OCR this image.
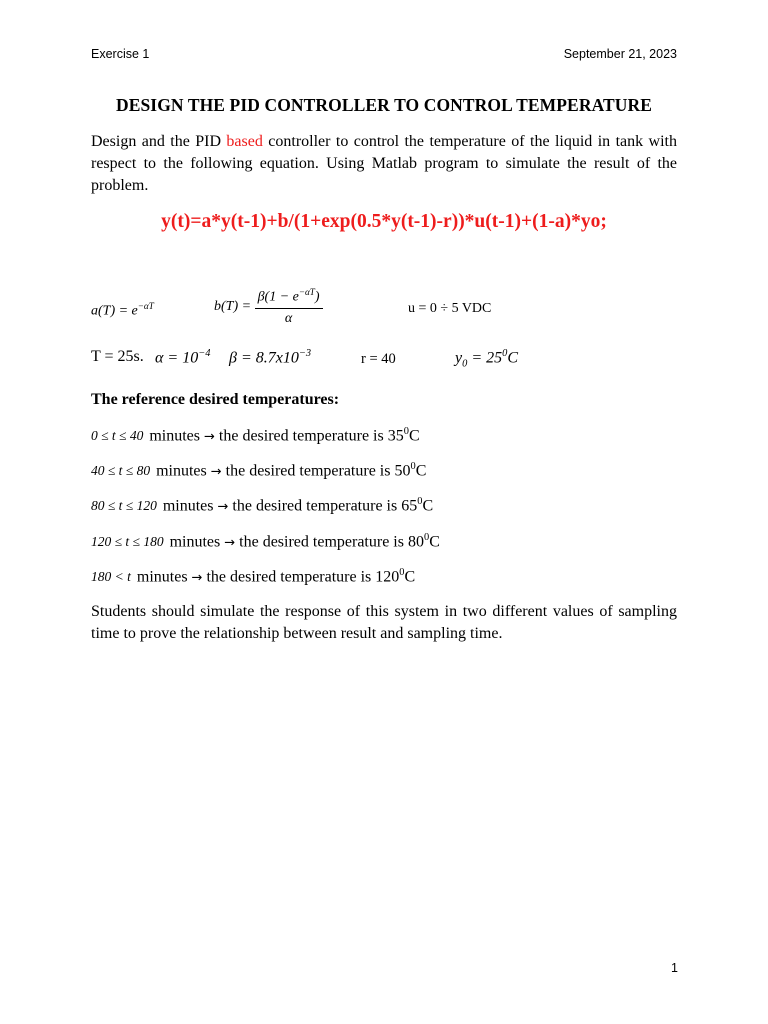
Exercise 1	September 21, 2023
DESIGN THE PID CONTROLLER TO CONTROL TEMPERATURE
Design and the PID based controller to control the temperature of the liquid in tank with respect to the following equation. Using Matlab program to simulate the result of the problem.
y(t)=a*y(t-1)+b/(1+exp(0.5*y(t-1)-r))*u(t-1)+(1-a)*yo;
$a(T) = e^{-\alpha T}$	$b(T) = \frac{\beta(1 - e^{-\alpha T})}{\alpha}$	u = 0 ÷ 5 VDC
T = 25s. $\alpha = 10^{-4}$ $\beta = 8.7x10^{-3}$	r = 40	$y_0 = 25^0C$
The reference desired temperatures:
0 ≤ t ≤ 40 minutes → the desired temperature is $35^0C$
40 ≤ t ≤ 80 minutes → the desired temperature is $50^0C$
80 ≤ t ≤ 120 minutes → the desired temperature is $65^0C$
120 ≤ t ≤ 180 minutes → the desired temperature is $80^0C$
180 < t minutes → the desired temperature is $120^0C$
Students should simulate the response of this system in two different values of sampling time to prove the relationship between result and sampling time.
1
